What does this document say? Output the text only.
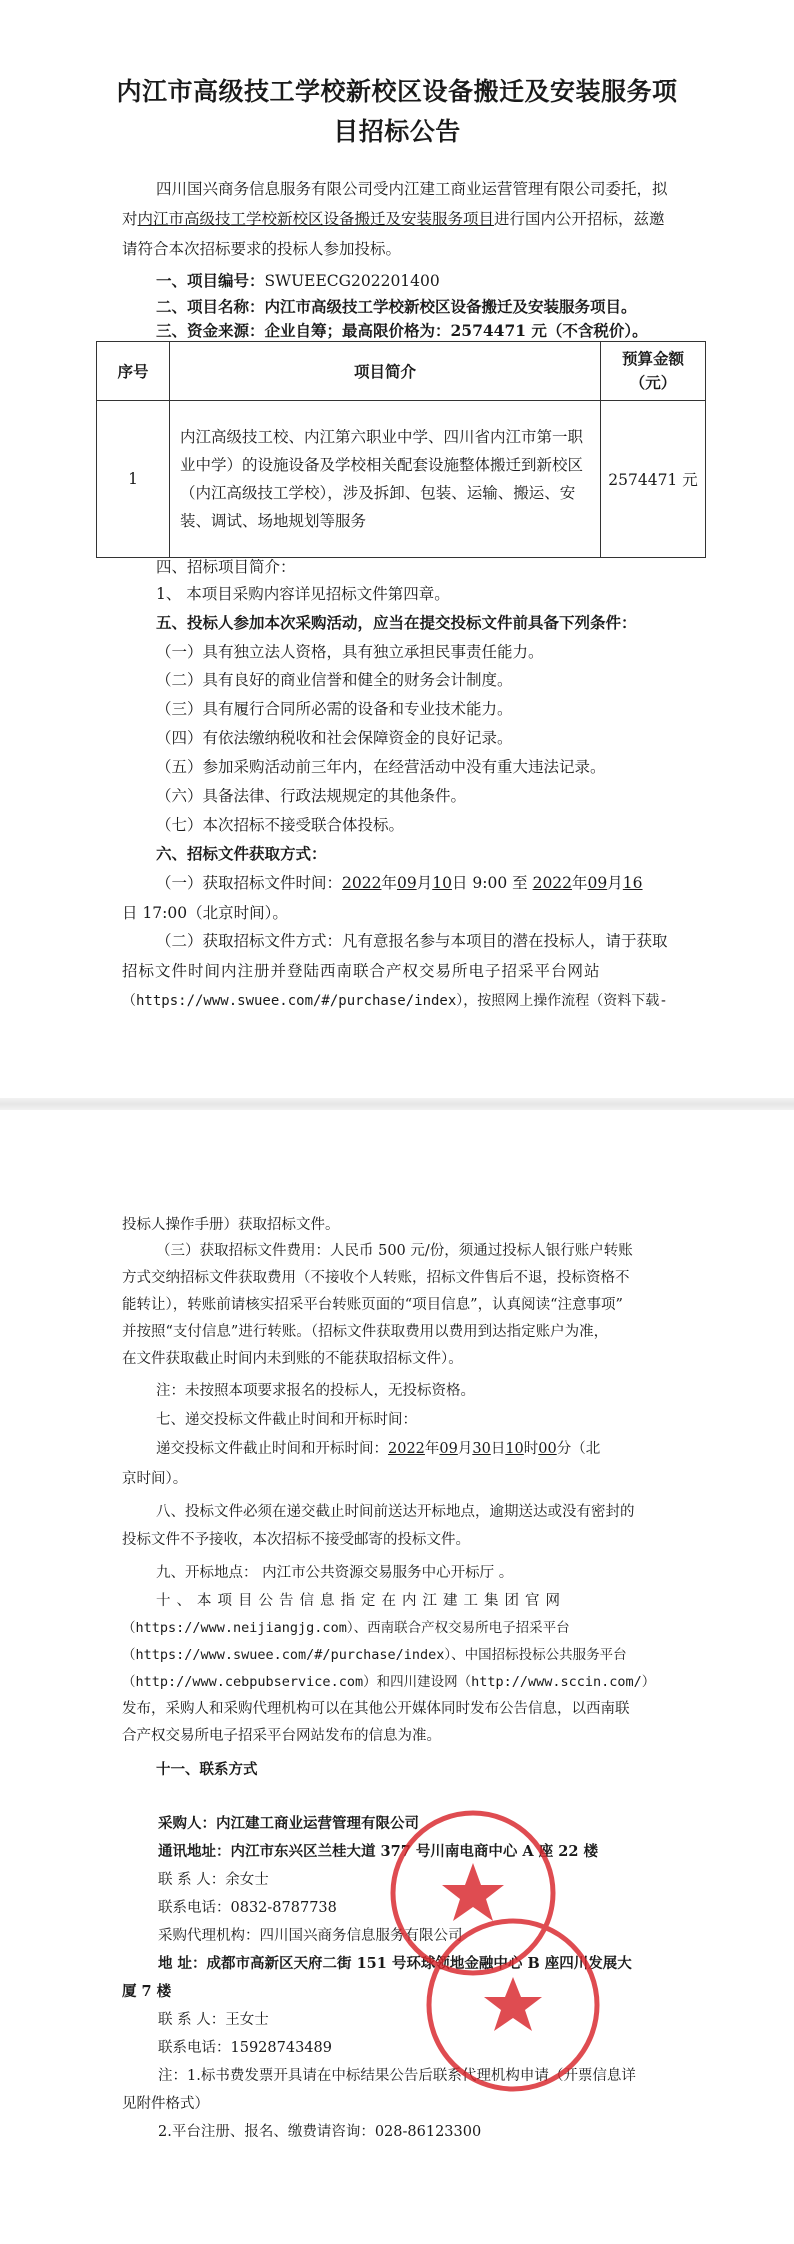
内江市高级技工学校新校区设备搬迁及安装服务项
目招标公告
四川国兴商务信息服务有限公司受内江建工商业运营管理有限公司委托，拟
对内江市高级技工学校新校区设备搬迁及安装服务项目进行国内公开招标，兹邀
请符合本次招标要求的投标人参加投标。
一、项目编号：SWUEECG202201400
二、项目名称：内江市高级技工学校新校区设备搬迁及安装服务项目。
三、资金来源：企业自筹；最高限价格为：2574471 元（不含税价）。
序号	项目简介	预算金额
（元）
1	内江高级技工校、内江第六职业中学、四川省内江市第一职业中学）的设施设备及学校相关配套设施整体搬迁到新校区（内江高级技工学校），涉及拆卸、包装、运输、搬运、安装、调试、场地规划等服务	2574471 元
四、招标项目简介：
1、 本项目采购内容详见招标文件第四章。
五、投标人参加本次采购活动，应当在提交投标文件前具备下列条件：
（一）具有独立法人资格，具有独立承担民事责任能力。
（二）具有良好的商业信誉和健全的财务会计制度。
（三）具有履行合同所必需的设备和专业技术能力。
（四）有依法缴纳税收和社会保障资金的良好记录。
（五）参加采购活动前三年内，在经营活动中没有重大违法记录。
（六）具备法律、行政法规规定的其他条件。
（七）本次招标不接受联合体投标。
六、招标文件获取方式：
（一）获取招标文件时间：2022年09月10日 9:00 至 2022年09月16
日 17:00（北京时间）。
（二）获取招标文件方式：凡有意报名参与本项目的潜在投标人，请于获取
招标文件时间内注册并登陆西南联合产权交易所电子招采平台网站
（https://www.swuee.com/#/purchase/index），按照网上操作流程（资料下载-
投标人操作手册）获取招标文件。
（三）获取招标文件费用：人民币 500 元/份，须通过投标人银行账户转账
方式交纳招标文件获取费用（不接收个人转账，招标文件售后不退，投标资格不
能转让），转账前请核实招采平台转账页面的“项目信息”，认真阅读“注意事项”
并按照“支付信息”进行转账。（招标文件获取费用以费用到达指定账户为准，
在文件获取截止时间内未到账的不能获取招标文件）。
注：未按照本项要求报名的投标人，无投标资格。
七、递交投标文件截止时间和开标时间：
递交投标文件截止时间和开标时间：2022年09月30日10时00分（北
京时间）。
八、投标文件必须在递交截止时间前送达开标地点，逾期送达或没有密封的
投标文件不予接收，本次招标不接受邮寄的投标文件。
九、开标地点： 内江市公共资源交易服务中心开标厅 。
十、本项目公告信息指定在内江建工集团官网
（https://www.neijiangjg.com）、西南联合产权交易所电子招采平台
（https://www.swuee.com/#/purchase/index）、中国招标投标公共服务平台
（http://www.cebpubservice.com）和四川建设网（http://www.sccin.com/）
发布，采购人和采购代理机构可以在其他公开媒体同时发布公告信息，以西南联
合产权交易所电子招采平台网站发布的信息为准。
十一、联系方式
采购人：内江建工商业运营管理有限公司
通讯地址：内江市东兴区兰桂大道 377 号川南电商中心 A 座 22 楼
联 系 人：余女士
联系电话：0832-8787738
采购代理机构：四川国兴商务信息服务有限公司
地 址：成都市高新区天府二街 151 号环球领地金融中心 B 座四川发展大
厦 7 楼
联 系 人：王女士
联系电话：15928743489
注：1.标书费发票开具请在中标结果公告后联系代理机构申请（开票信息详
见附件格式）
2.平台注册、报名、缴费请咨询：028-86123300
